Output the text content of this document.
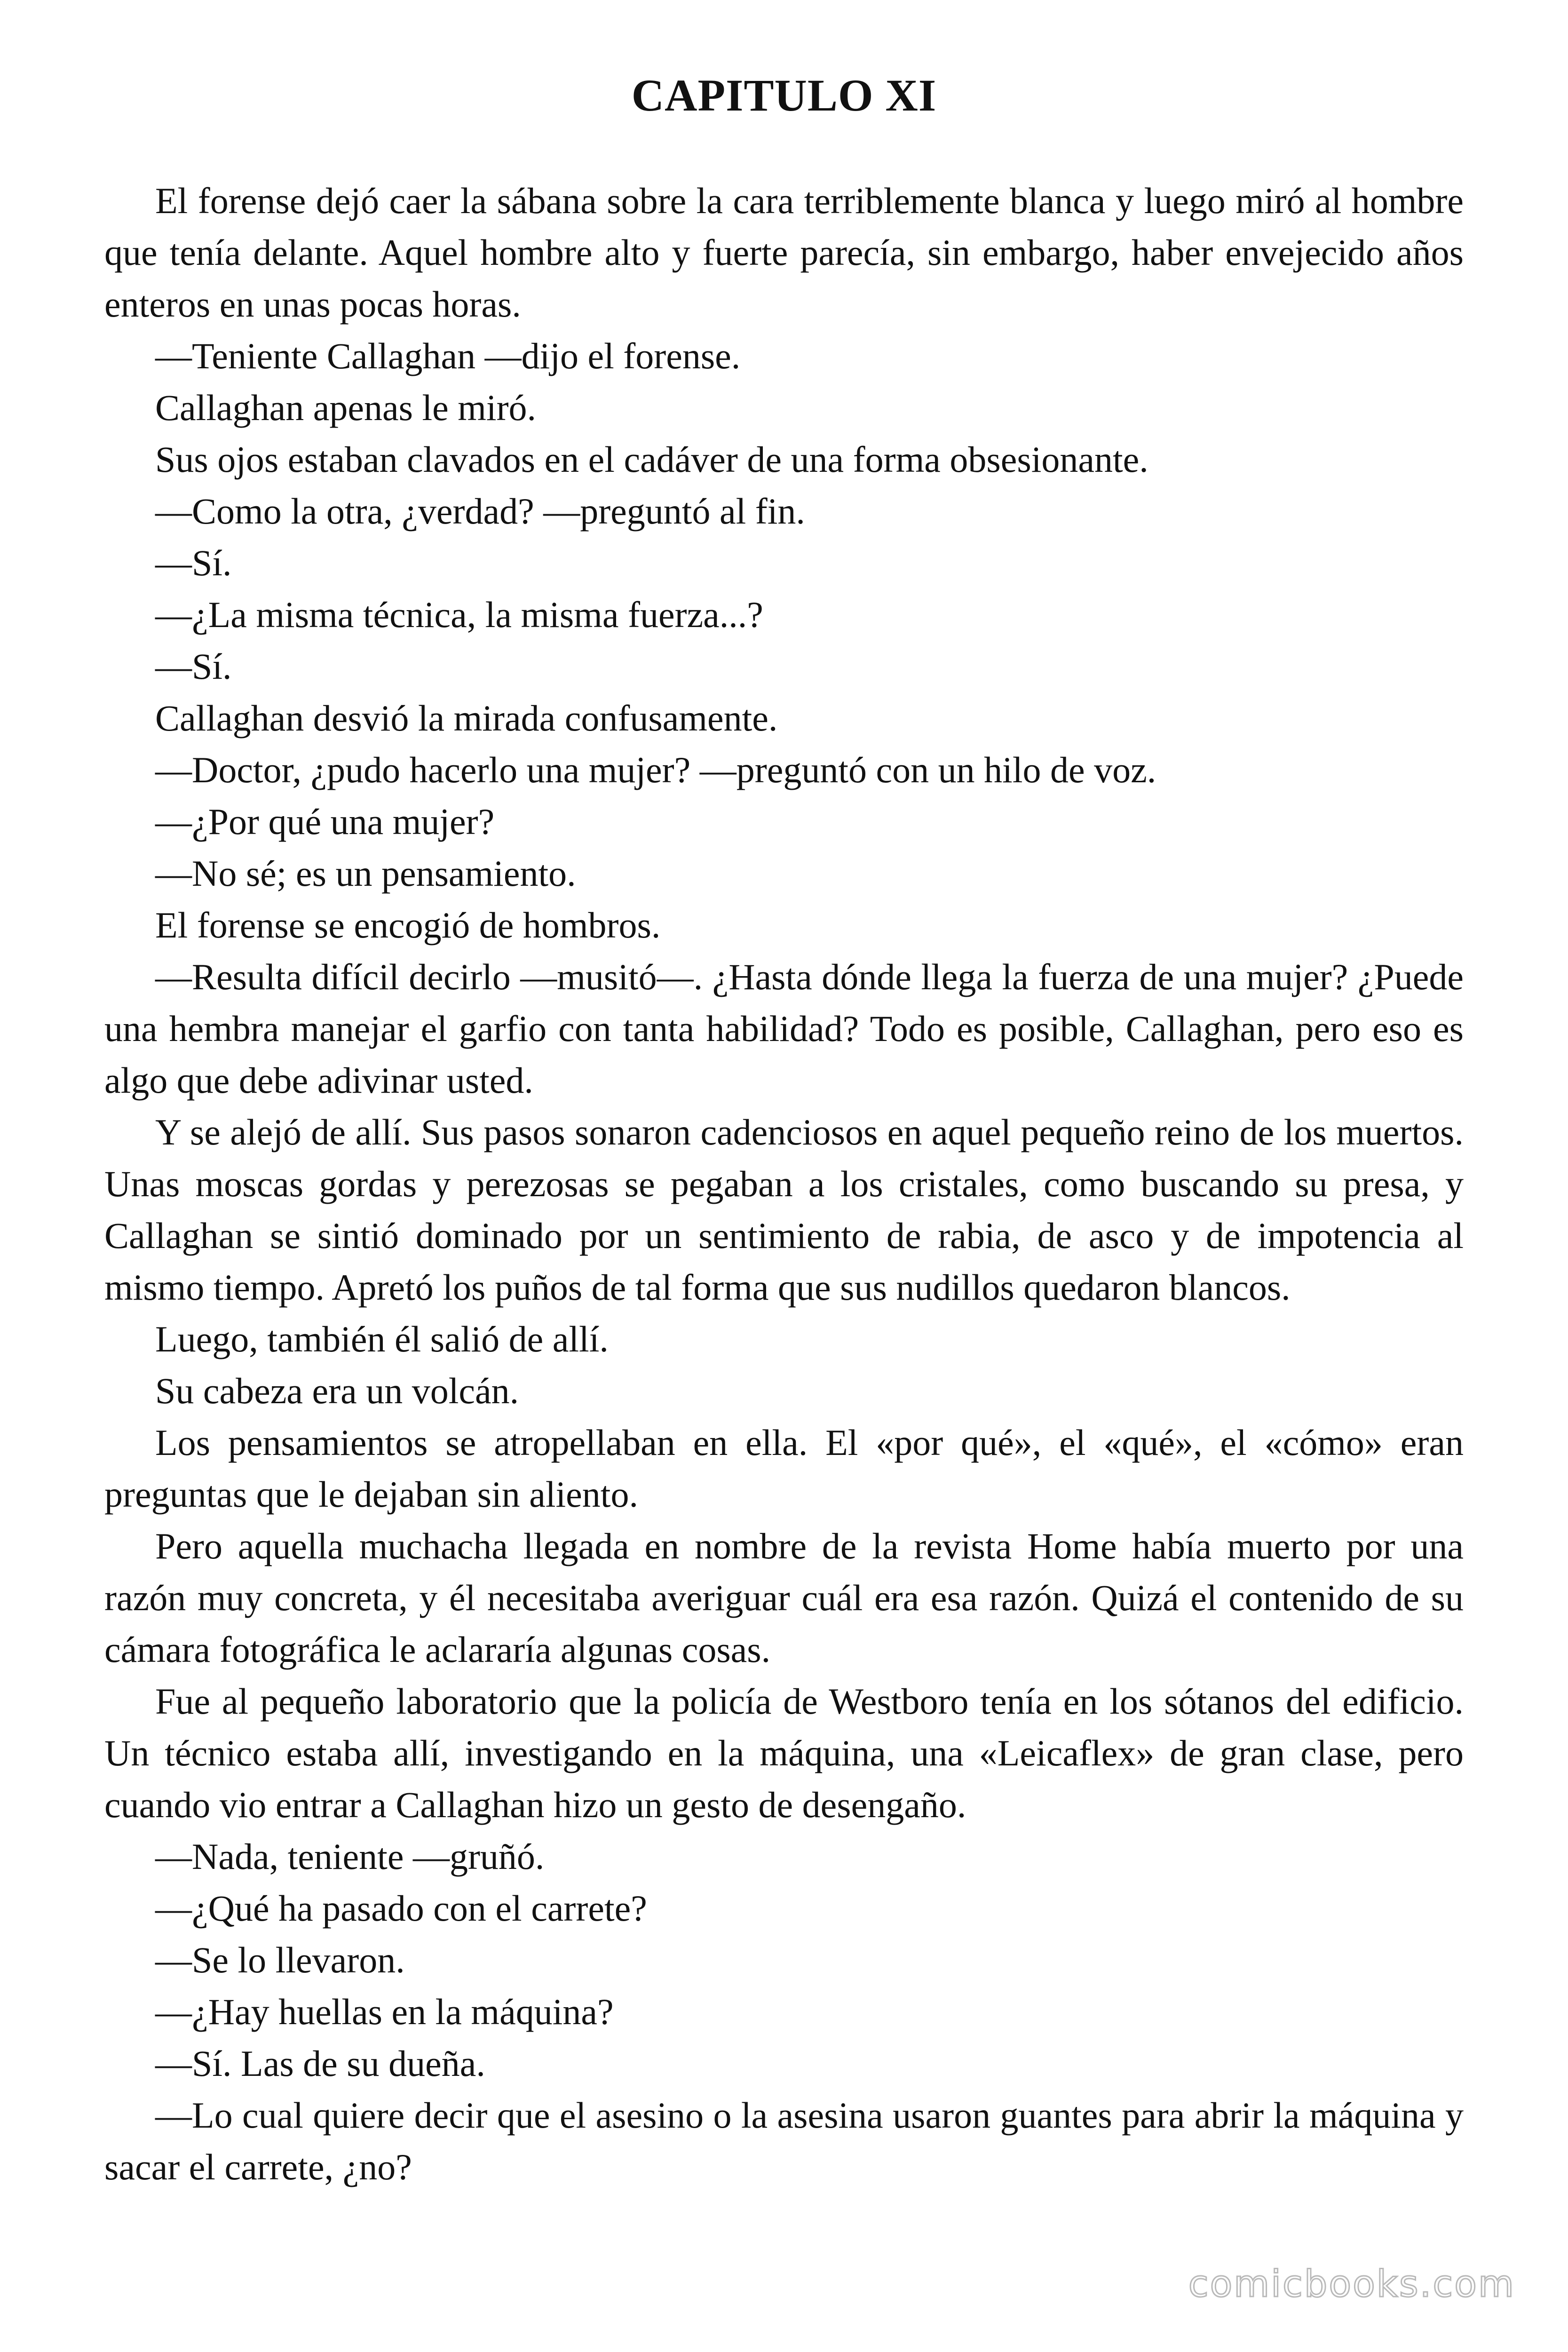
CAPITULO XI

El forense dejó caer la sábana sobre la cara terriblemente blanca y luego miró al hombre que tenía delante. Aquel hombre alto y fuerte parecía, sin embargo, haber envejecido años enteros en unas pocas horas.

—Teniente Callaghan —dijo el forense.

Callaghan apenas le miró.

Sus ojos estaban clavados en el cadáver de una forma obsesionante.

—Como la otra, ¿verdad? —preguntó al fin.

—Sí.

—¿La misma técnica, la misma fuerza...?

—Sí.

Callaghan desvió la mirada confusamente.

—Doctor, ¿pudo hacerlo una mujer? —preguntó con un hilo de voz.

—¿Por qué una mujer?

—No sé; es un pensamiento.

El forense se encogió de hombros.

—Resulta difícil decirlo —musitó—. ¿Hasta dónde llega la fuerza de una mujer? ¿Puede una hembra manejar el garfio con tanta habilidad? Todo es posible, Callaghan, pero eso es algo que debe adivinar usted.

Y se alejó de allí. Sus pasos sonaron cadenciosos en aquel pequeño reino de los muertos. Unas moscas gordas y perezosas se pegaban a los cristales, como buscando su presa, y Callaghan se sintió dominado por un sentimiento de rabia, de asco y de impotencia al mismo tiempo. Apretó los puños de tal forma que sus nudillos quedaron blancos.

Luego, también él salió de allí.

Su cabeza era un volcán.

Los pensamientos se atropellaban en ella. El «por qué», el «qué», el «cómo» eran preguntas que le dejaban sin aliento.

Pero aquella muchacha llegada en nombre de la revista Home había muerto por una razón muy concreta, y él necesitaba averiguar cuál era esa razón. Quizá el contenido de su cámara fotográfica le aclararía algunas cosas.

Fue al pequeño laboratorio que la policía de Westboro tenía en los sótanos del edificio. Un técnico estaba allí, investigando en la máquina, una «Leicaflex» de gran clase, pero cuando vio entrar a Callaghan hizo un gesto de desengaño.

—Nada, teniente —gruñó.

—¿Qué ha pasado con el carrete?

—Se lo llevaron.

—¿Hay huellas en la máquina?

—Sí. Las de su dueña.

—Lo cual quiere decir que el asesino o la asesina usaron guantes para abrir la máquina y sacar el carrete, ¿no?

comicbooks.com
